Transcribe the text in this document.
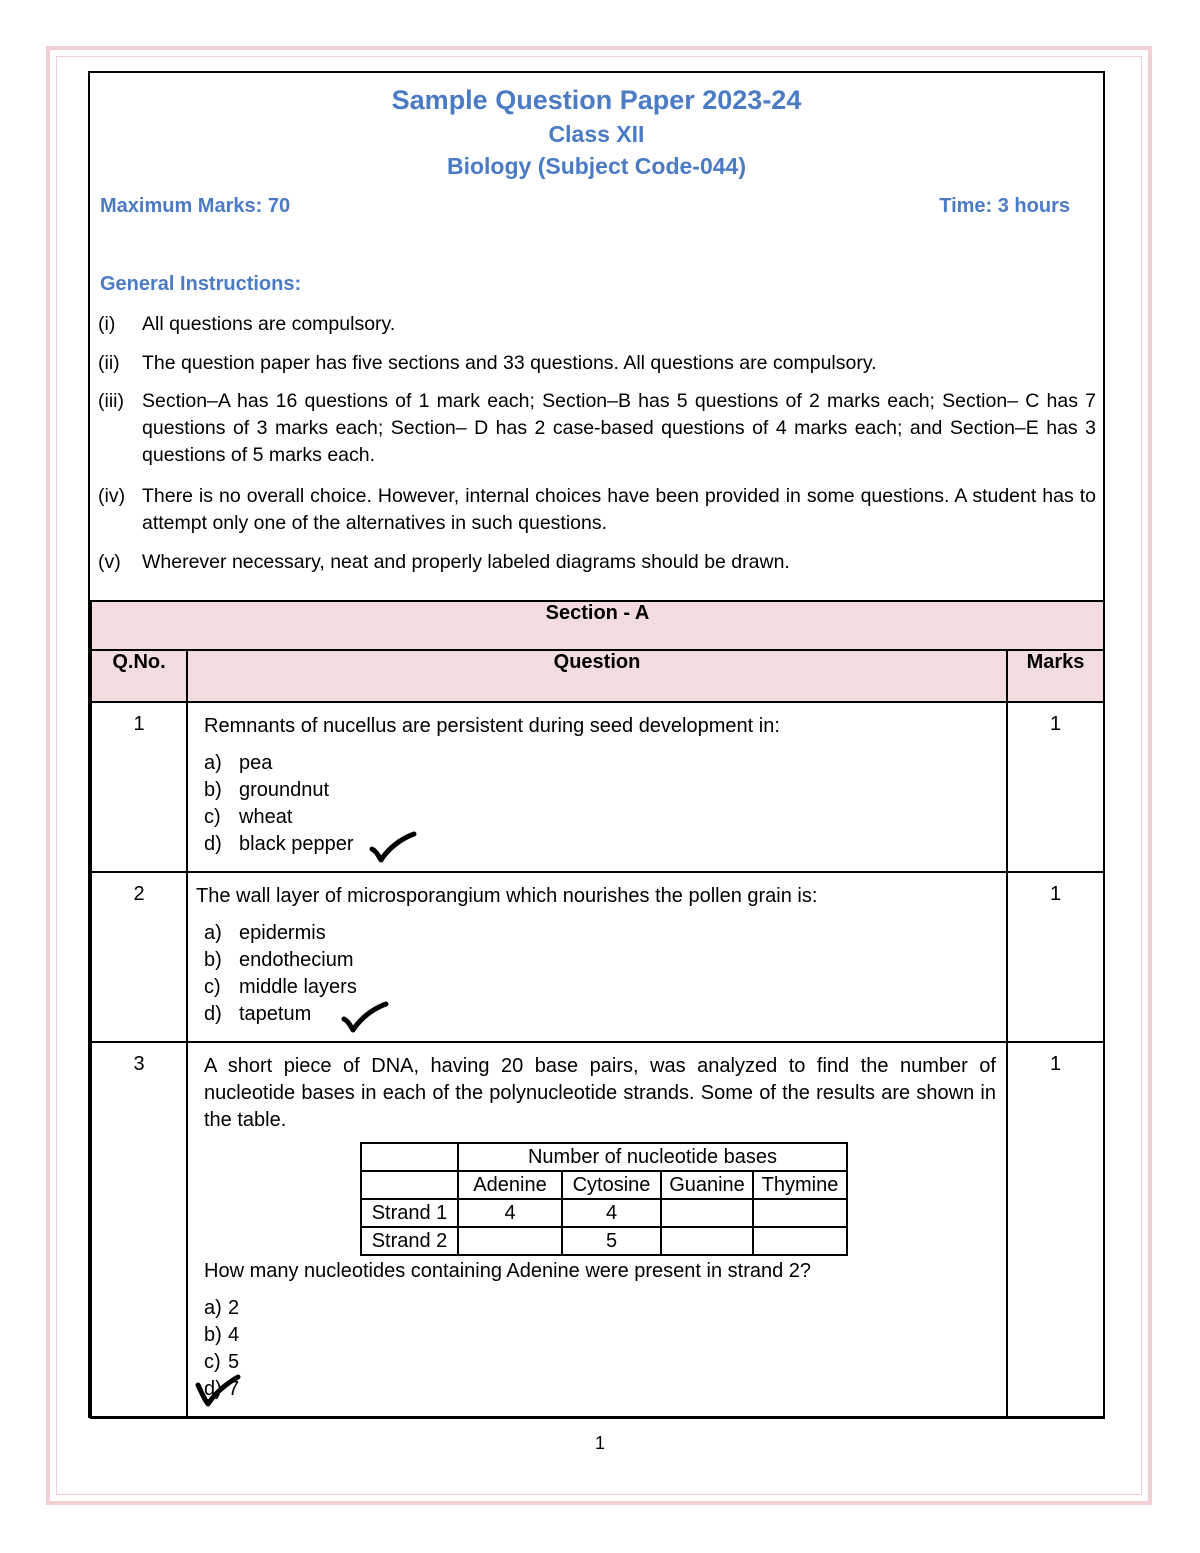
Sample Question Paper 2023-24
Class XII
Biology (Subject Code-044)
Maximum Marks: 70	Time: 3 hours
General Instructions:
(i)	All questions are compulsory.
(ii)	The question paper has five sections and 33 questions. All questions are compulsory.
(iii) Section–A has 16 questions of 1 mark each; Section–B has 5 questions of 2 marks each; Section– C has 7 questions of 3 marks each; Section– D has 2 case-based questions of 4 marks each; and Section–E has 3 questions of 5 marks each.
(iv) There is no overall choice. However, internal choices have been provided in some questions. A student has to attempt only one of the alternatives in such questions.
(v)	Wherever necessary, neat and properly labeled diagrams should be drawn.
Section - A
Q.No.	Question	Marks
1	Remnants of nucellus are persistent during seed development in:
a) pea
b) groundnut
c) wheat
d) black pepper
	1
2	The wall layer of microsporangium which nourishes the pollen grain is:
a) epidermis
b) endothecium
c) middle layers
d) tapetum
	1
3	A short piece of DNA, having 20 base pairs, was analyzed to find the number of nucleotide bases in each of the polynucleotide strands. Some of the results are shown in the table.
	Number of nucleotide bases
	Adenine	Cytosine	Guanine	Thymine
Strand 1	4	4		
Strand 2		5		
How many nucleotides containing Adenine were present in strand 2?
a) 2
b) 4
c) 5
d) 7
	1
1
